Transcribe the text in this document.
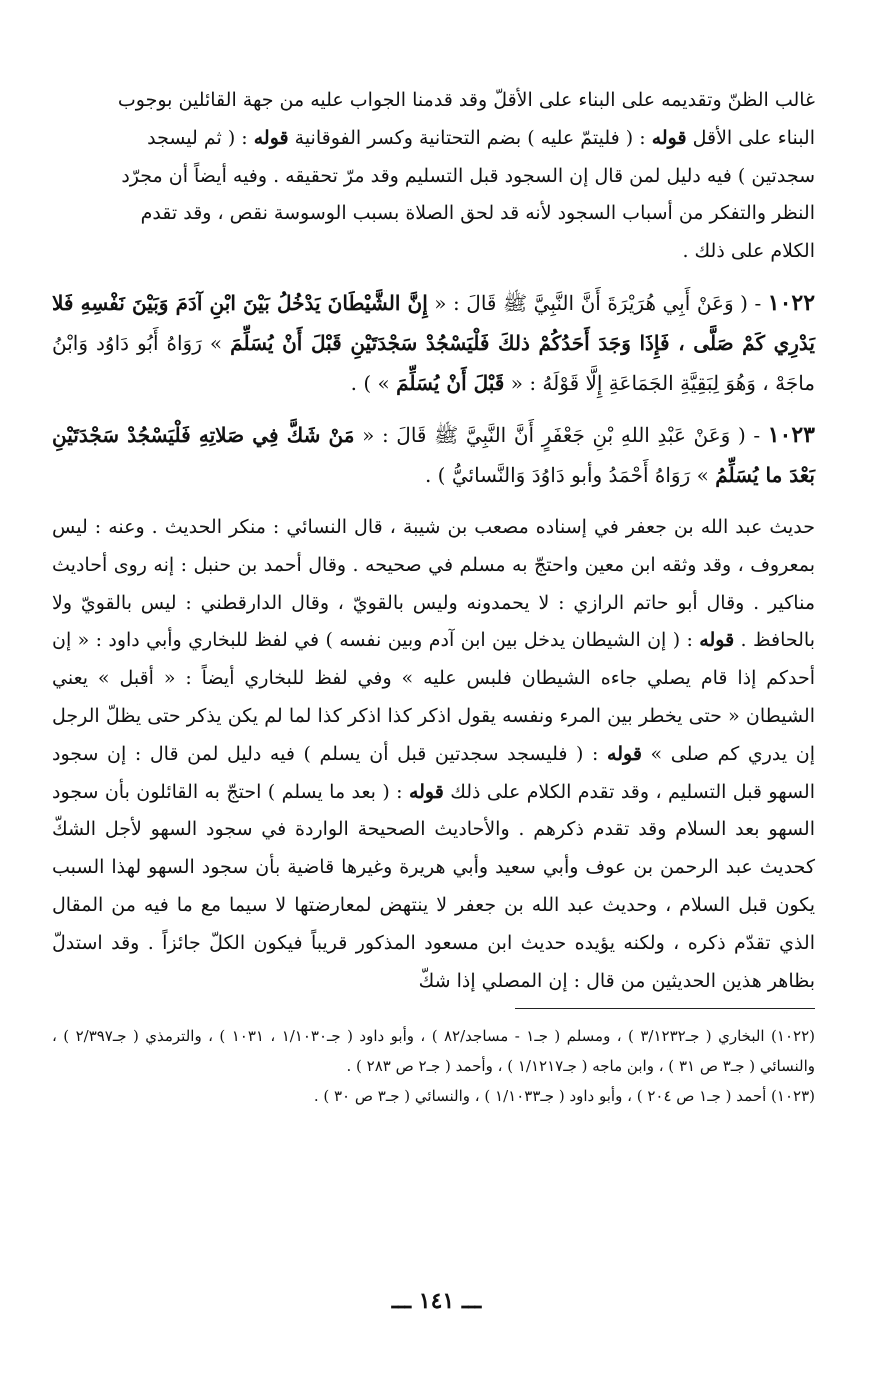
غالب الظنّ وتقديمه على البناء على الأقلّ وقد قدمنا الجواب عليه من جهة القائلين بوجوب

البناء على الأقل قوله : ( فليتمّ عليه ) بضم التحتانية وكسر الفوقانية قوله : ( ثم ليسجد

سجدتين ) فيه دليل لمن قال إن السجود قبل التسليم وقد مرّ تحقيقه . وفيه أيضاً أن مجرّد

النظر والتفكر من أسباب السجود لأنه قد لحق الصلاة بسبب الوسوسة نقص ، وقد تقدم

الكلام على ذلك .

١٠٢٢ - ( وَعَنْ أَبِي هُرَيْرَةَ أَنَّ النَّبِيَّ ﷺ قَالَ : « إِنَّ الشَّيْطَانَ يَدْخُلُ بَيْنَ ابْنِ آدَمَ وَبَيْنَ نَفْسِهِ فَلا يَدْرِي كَمْ صَلَّى ، فَإِذَا وَجَدَ أَحَدُكُمْ ذلكَ فَلْيَسْجُدْ سَجْدَتَيْنِ قَبْلَ أَنْ يُسَلِّمَ » رَوَاهُ أَبُو دَاوُد وَابْنُ ماجَهْ ، وَهُوَ لِبَقِيَّةِ الجَمَاعَةِ إِلَّا قَوْلَهُ : « قَبْلَ أَنْ يُسَلِّمَ » ) .

١٠٢٣ - ( وَعَنْ عَبْدِ اللهِ بْنِ جَعْفَرٍ أَنَّ النَّبِيَّ ﷺ قَالَ : « مَنْ شَكَّ فِي صَلاتِهِ فَلْيَسْجُدْ سَجْدَتَيْنِ بَعْدَ ما يُسَلِّمُ » رَوَاهُ أَحْمَدُ وأبو دَاوُدَ وَالنَّسائيُّ ) .

حديث عبد الله بن جعفر في إسناده مصعب بن شيبة ، قال النسائي : منكر الحديث . وعنه : ليس بمعروف ، وقد وثقه ابن معين واحتجّ به مسلم في صحيحه . وقال أحمد بن حنبل : إنه روى أحاديث مناكير . وقال أبو حاتم الرازي : لا يحمدونه وليس بالقويّ ، وقال الدارقطني : ليس بالقويّ ولا بالحافظ . قوله : ( إن الشيطان يدخل بين ابن آدم وبين نفسه ) في لفظ للبخاري وأبي داود : « إن أحدكم إذا قام يصلي جاءه الشيطان فلبس عليه » وفي لفظ للبخاري أيضاً : « أقبل » يعني الشيطان « حتى يخطر بين المرء ونفسه يقول اذكر كذا اذكر كذا لما لم يكن يذكر حتى يظلّ الرجل إن يدري كم صلى » قوله : ( فليسجد سجدتين قبل أن يسلم ) فيه دليل لمن قال : إن سجود السهو قبل التسليم ، وقد تقدم الكلام على ذلك قوله : ( بعد ما يسلم ) احتجّ به القائلون بأن سجود السهو بعد السلام وقد تقدم ذكرهم . والأحاديث الصحيحة الواردة في سجود السهو لأجل الشكّ كحديث عبد الرحمن بن عوف وأبي سعيد وأبي هريرة وغيرها قاضية بأن سجود السهو لهذا السبب يكون قبل السلام ، وحديث عبد الله بن جعفر لا ينتهض لمعارضتها لا سيما مع ما فيه من المقال الذي تقدّم ذكره ، ولكنه يؤيده حديث ابن مسعود المذكور قريباً فيكون الكلّ جائزاً . وقد استدلّ بظاهر هذين الحديثين من قال : إن المصلي إذا شكّ

(١٠٢٢) البخاري ( جـ٣/١٢٣٢ ) ، ومسلم ( جـ١ - مساجد/٨٢ ) ، وأبو داود ( جـ١/١٠٣٠ ، ١٠٣١ ) ، والترمذي ( جـ٢/٣٩٧ ) ، والنسائي ( جـ٣ ص ٣١ ) ، وابن ماجه ( جـ١/١٢١٧ ) ، وأحمد ( جـ٢ ص ٢٨٣ ) .

(١٠٢٣) أحمد ( جـ١ ص ٢٠٤ ) ، وأبو داود ( جـ١/١٠٣٣ ) ، والنسائي ( جـ٣ ص ٣٠ ) .

ـــ ١٤١ ـــ
